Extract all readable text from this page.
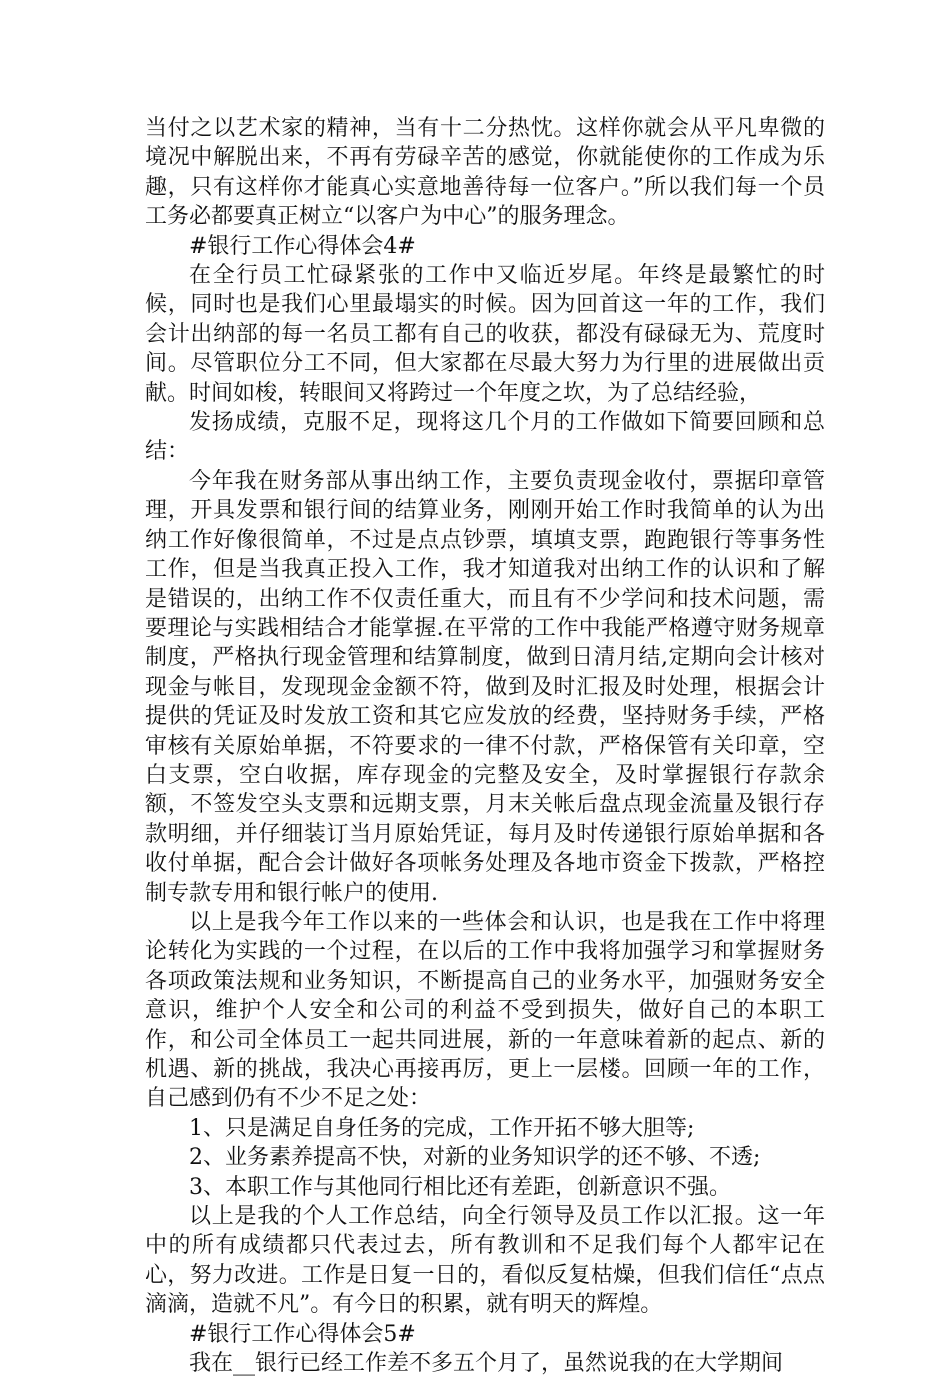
当付之以艺术家的精神，当有十二分热忱。这样你就会从平凡卑微的境况中解脱出来，不再有劳碌辛苦的感觉，你就能使你的工作成为乐趣，只有这样你才能真心实意地善待每一位客户。”所以我们每一个员工务必都要真正树立“以客户为中心”的服务理念。

#银行工作心得体会4#

在全行员工忙碌紧张的工作中又临近岁尾。年终是最繁忙的时候，同时也是我们心里最塌实的时候。因为回首这一年的工作，我们会计出纳部的每一名员工都有自己的收获，都没有碌碌无为、荒度时间。尽管职位分工不同，但大家都在尽最大努力为行里的进展做出贡献。时间如梭，转眼间又将跨过一个年度之坎，为了总结经验，

发扬成绩，克服不足，现将这几个月的工作做如下简要回顾和总结：

今年我在财务部从事出纳工作，主要负责现金收付，票据印章管理，开具发票和银行间的结算业务，刚刚开始工作时我简单的认为出纳工作好像很简单，不过是点点钞票，填填支票，跑跑银行等事务性工作，但是当我真正投入工作，我才知道我对出纳工作的认识和了解是错误的，出纳工作不仅责任重大，而且有不少学问和技术问题，需要理论与实践相结合才能掌握.在平常的工作中我能严格遵守财务规章制度，严格执行现金管理和结算制度，做到日清月结,定期向会计核对现金与帐目，发现现金金额不符，做到及时汇报及时处理，根据会计提供的凭证及时发放工资和其它应发放的经费，坚持财务手续，严格审核有关原始单据，不符要求的一律不付款，严格保管有关印章，空白支票，空白收据，库存现金的完整及安全，及时掌握银行存款余额，不签发空头支票和远期支票，月末关帐后盘点现金流量及银行存款明细，并仔细装订当月原始凭证，每月及时传递银行原始单据和各收付单据，配合会计做好各项帐务处理及各地市资金下拨款，严格控制专款专用和银行帐户的使用.

以上是我今年工作以来的一些体会和认识，也是我在工作中将理论转化为实践的一个过程，在以后的工作中我将加强学习和掌握财务各项政策法规和业务知识，不断提高自己的业务水平，加强财务安全意识，维护个人安全和公司的利益不受到损失，做好自己的本职工作，和公司全体员工一起共同进展，新的一年意味着新的起点、新的机遇、新的挑战，我决心再接再厉，更上一层楼。回顾一年的工作，自己感到仍有不少不足之处：

1、只是满足自身任务的完成，工作开拓不够大胆等;

2、业务素养提高不快，对新的业务知识学的还不够、不透;

3、本职工作与其他同行相比还有差距，创新意识不强。

以上是我的个人工作总结，向全行领导及员工作以汇报。这一年中的所有成绩都只代表过去，所有教训和不足我们每个人都牢记在心，努力改进。工作是日复一日的，看似反复枯燥，但我们信任“点点滴滴，造就不凡”。有今日的积累，就有明天的辉煌。

#银行工作心得体会5#

我在__银行已经工作差不多五个月了，虽然说我的在大学期间
